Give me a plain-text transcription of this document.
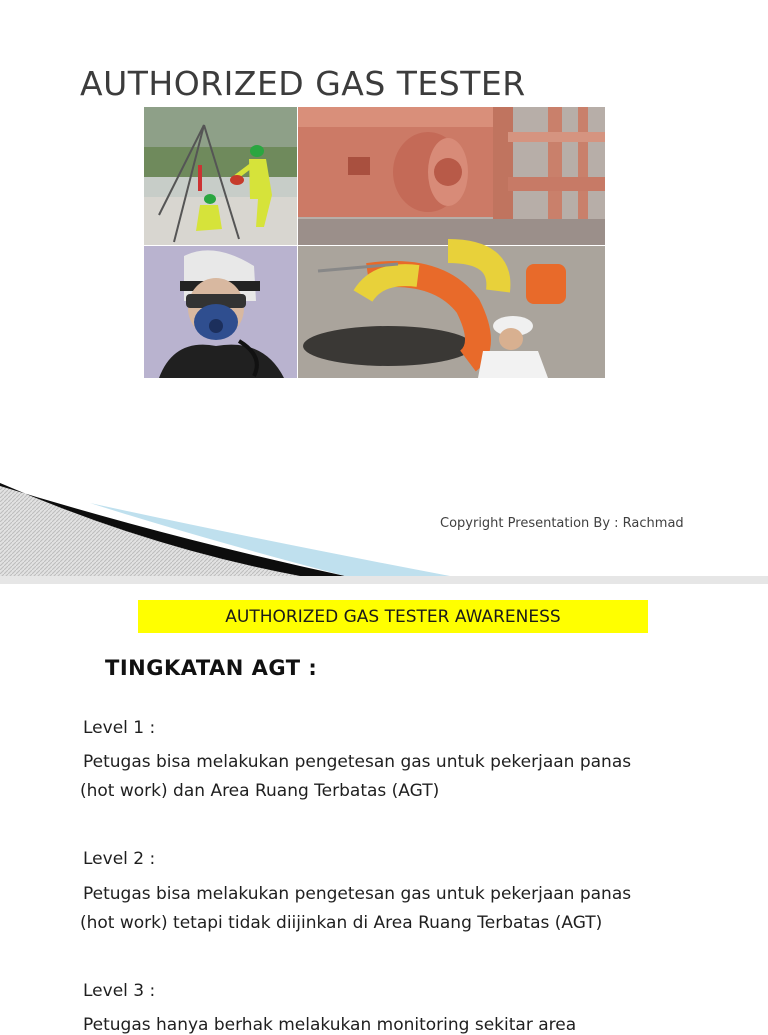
AUTHORIZED GAS TESTER
Copyright Presentation By : Rachmad
AUTHORIZED GAS TESTER AWARENESS
TINGKATAN AGT :
Level 1 :
Petugas bisa melakukan pengetesan gas untuk pekerjaan panas
(hot work) dan Area Ruang Terbatas (AGT)
Level 2 :
Petugas bisa melakukan pengetesan gas untuk pekerjaan panas
(hot work) tetapi tidak diijinkan di Area Ruang Terbatas (AGT)
Level 3 :
Petugas hanya berhak melakukan monitoring sekitar area
